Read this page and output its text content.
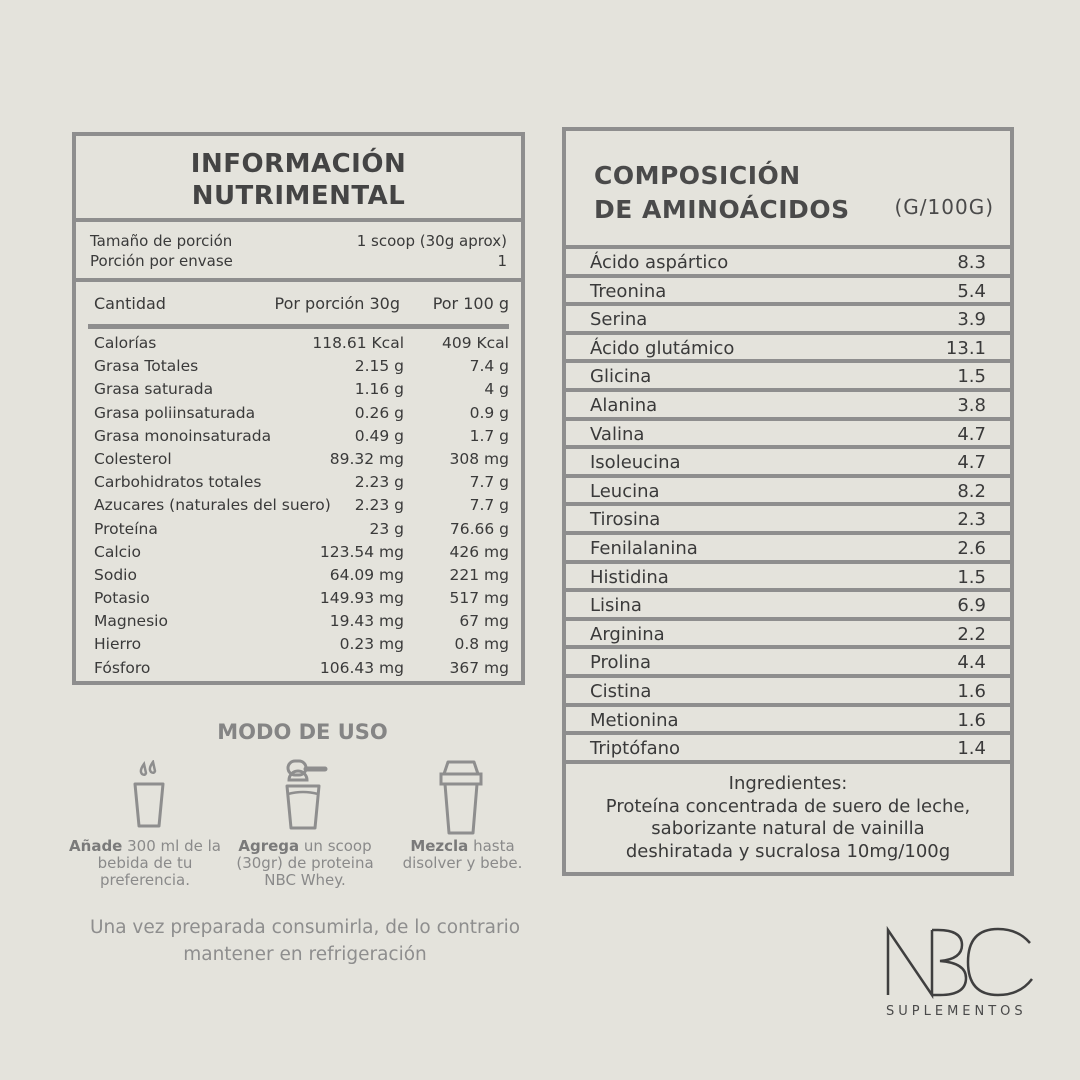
INFORMACIÓN
NUTRIMENTAL
Tamaño de porción	1 scoop (30g aprox)
Porción por envase	1
Cantidad	Por porción 30g Por 100 g
Calorías	118.61 Kcal 409 Kcal
Grasa Totales	2.15 g	7.4 g
Grasa saturada	1.16 g	4 g
Grasa poliinsaturada	0.26 g	0.9 g
Grasa monoinsaturada	0.49 g	1.7 g
Colesterol	89.32 mg	308 mg
Carbohidratos totales	2.23 g	7.7 g
Azucares (naturales del suero) 2.23 g	7.7 g
Proteína	23 g	76.66 g
Calcio	123.54 mg	426 mg
Sodio	64.09 mg	221 mg
Potasio	149.93 mg	517 mg
Magnesio	19.43 mg	67 mg
Hierro	0.23 mg	0.8 mg
Fósforo	106.43 mg	367 mg
COMPOSICIÓN
DE AMINOÁCIDOS (G/100G)
Ácido aspártico	8.3
Treonina	5.4
Serina	3.9
Ácido glutámico	13.1
Glicina	1.5
Alanina	3.8
Valina	4.7
Isoleucina	4.7
Leucina	8.2
Tirosina	2.3
Fenilalanina	2.6
Histidina	1.5
Lisina	6.9
Arginina	2.2
Prolina	4.4
Cistina	1.6
Metionina	1.6
Triptófano	1.4
Ingredientes:
Proteína concentrada de suero de leche,
saborizante natural de vainilla
deshiratada y sucralosa 10mg/100g
MODO DE USO
Añade 300 ml de la bebida de tu preferencia.
Agrega un scoop (30gr) de proteina NBC Whey.
Mezcla hasta disolver y bebe.
Una vez preparada consumirla, de lo contrario
mantener en refrigeración
SUPLEMENTOS
